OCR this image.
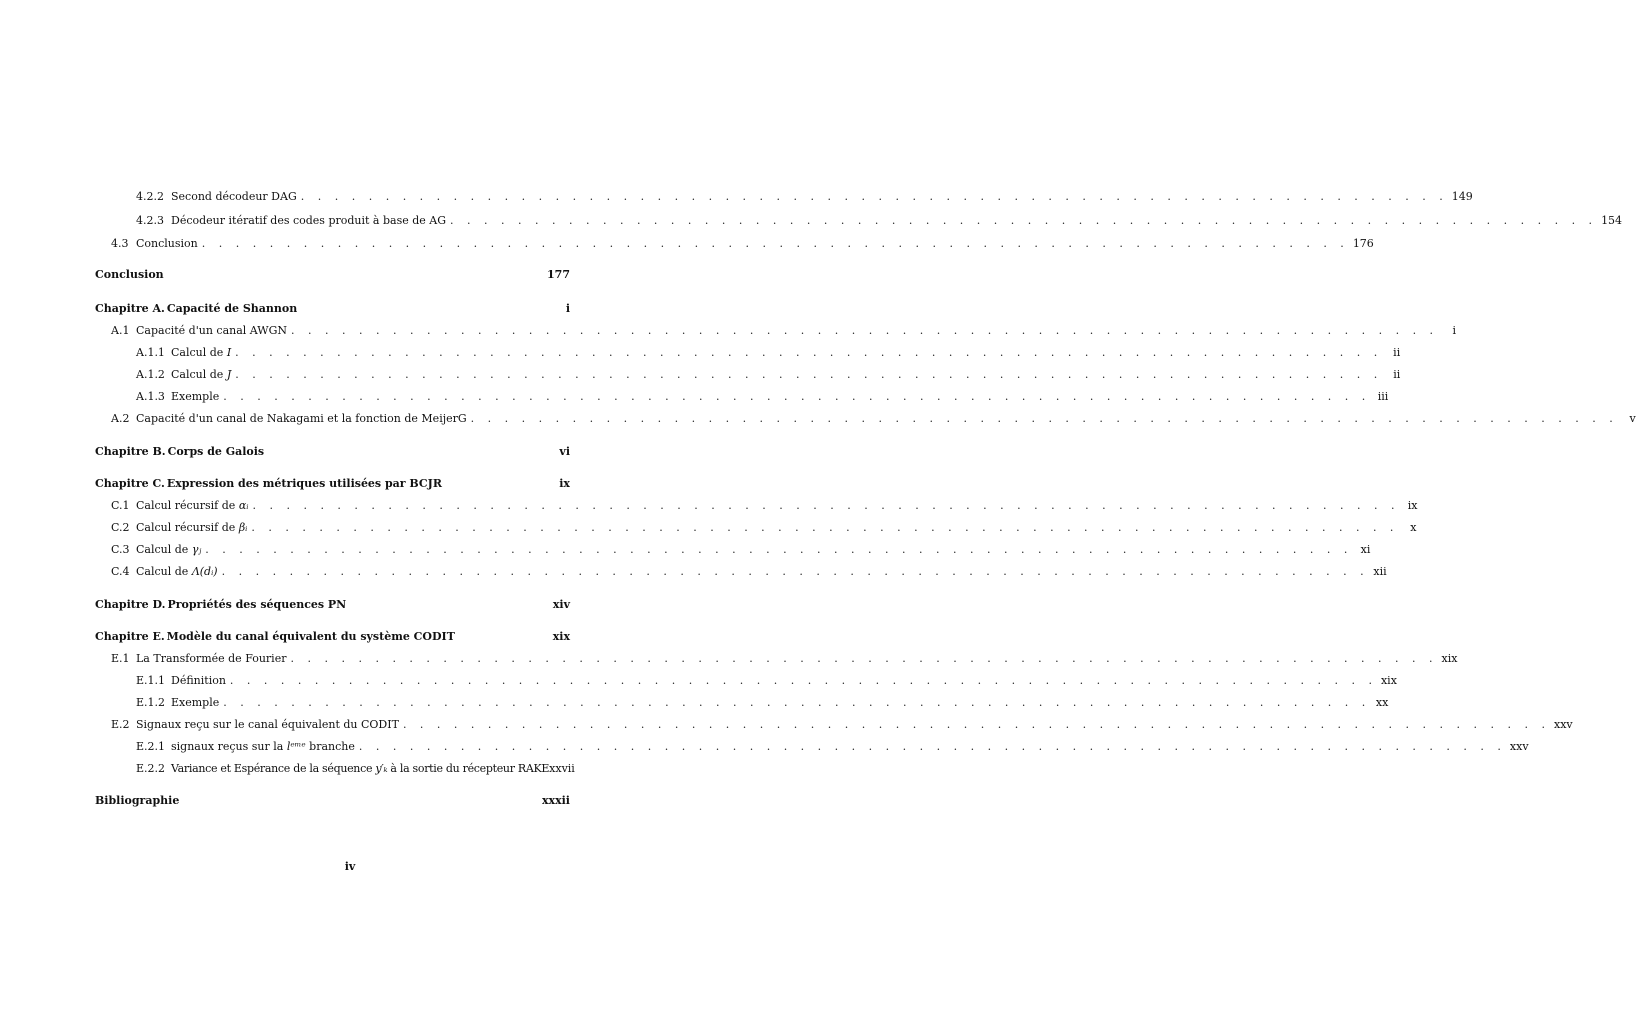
4.2.2 Second décodeur DAG . . .	149
4.2.3 Décodeur itératif des codes produit à base de AG . . .	154
4.3 Conclusion . . .	176
Conclusion	177
Chapitre A. Capacité de Shannon	i
A.1 Capacité d'un canal AWGN . . .	i
A.1.1 Calcul de I . . .	ii
A.1.2 Calcul de J . . .	ii
A.1.3 Exemple . . .	iii
A.2 Capacité d'un canal de Nakagami et la fonction de MeijerG . . .	v
Chapitre B. Corps de Galois	vi
Chapitre C. Expression des métriques utilisées par BCJR	ix
C.1 Calcul récursif de αᵢ . . .	ix
C.2 Calcul récursif de βᵢ . . .	x
C.3 Calcul de γⱼ . . .	xi
C.4 Calcul de Λ(dᵢ) . . .	xii
Chapitre D. Propriétés des séquences PN	xiv
Chapitre E. Modèle du canal équivalent du système CODIT	xix
E.1 La Transformée de Fourier . . .	xix
E.1.1 Définition . . .	xix
E.1.2 Exemple . . .	xx
E.2 Signaux reçu sur le canal équivalent du CODIT . . .	xxv
E.2.1 signaux reçus sur la lᵉᵐᵉ branche . . .	xxv
E.2.2 Variance et Espérance de la séquence y′ₖ à la sortie du récepteur RAKE xxvii
Bibliographie	xxxii
iv
